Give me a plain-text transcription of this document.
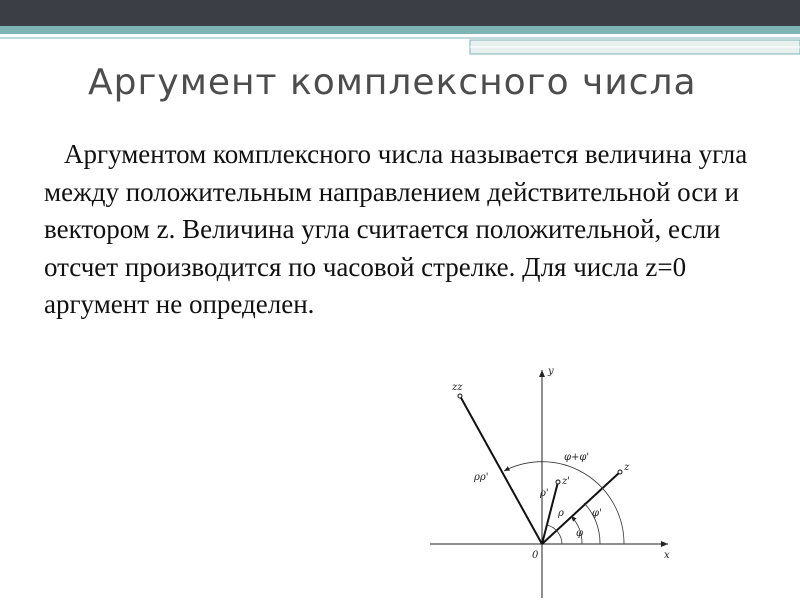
Аргумент комплексного числа
Аргументом комплексного числа называется величина угла между положительным направлением действительной оси и вектором z. Величина угла считается положительной, если отсчет производится по часовой стрелке. Для числа z=0 аргумент не определен.
y
x
0
zz
z
z'
ρρ'
ρ'
ρ
φ
φ'
φ+φ'
